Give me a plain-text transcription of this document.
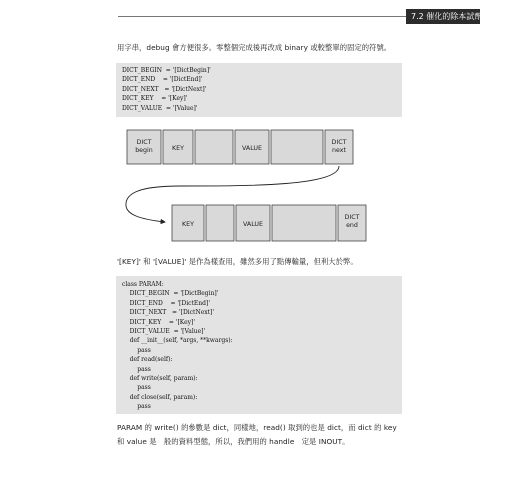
7.2 催化的除本試劑 7-3
用字串，debug 會方便很多。零整個完成後再改成 binary 或較整單的固定的符號。
DICT_BEGIN  = '[DictBegin]'
DICT_END    = '[DictEnd]'
DICT_NEXT   = '[DictNext]'
DICT_KEY    = '[Key]'
DICT_VALUE  = '[Value]'
DICT begin	KEY	VALUE
DICT next
KEY	VALUE
DICT end
'[KEY]' 和 '[VALUE]' 是作為樣查用，雖然多用了點傳輸量，但利大於弊。
class PARAM:
DICT_BEGIN  = '[DictBegin]'
DICT_END    = '[DictEnd]'
DICT_NEXT   = '[DictNext]'
DICT_KEY    = '[Key]'
DICT_VALUE  = '[Value]'
def __init__(self, *args, **kwargs):
pass
def read(self):
pass
def write(self, param):
pass
def close(self, param):
pass
PARAM 的 write() 的參數是 dict，同樣地，read() 取到的也是 dict，而 dict 的 key
和 value 是　般的資料型態，所以，我們用的 handle　定是 INOUT。
